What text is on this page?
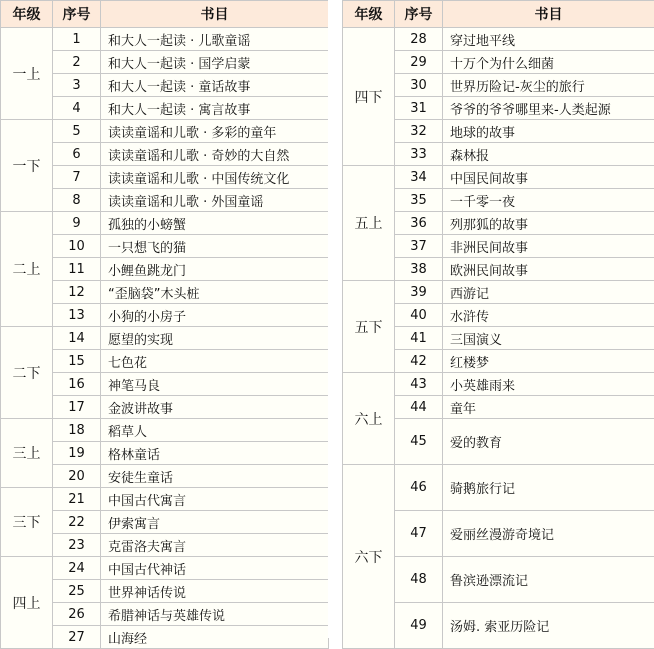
年级	序号	书目
一上	1	和大人一起读 · 儿歌童谣
	2	和大人一起读 · 国学启蒙
	3	和大人一起读 · 童话故事
	4	和大人一起读 · 寓言故事
一下	5	读读童谣和儿歌 · 多彩的童年
	6	读读童谣和儿歌 · 奇妙的大自然
	7	读读童谣和儿歌 · 中国传统文化
	8	读读童谣和儿歌 · 外国童谣
二上	9	孤独的小螃蟹
	10	一只想飞的猫
	11	小鲤鱼跳龙门
	12	“歪脑袋”木头桩
	13	小狗的小房子
二下	14	愿望的实现
	15	七色花
	16	神笔马良
	17	金波讲故事
三上	18	稻草人
	19	格林童话
	20	安徒生童话
三下	21	中国古代寓言
	22	伊索寓言
	23	克雷洛夫寓言
四上	24	中国古代神话
	25	世界神话传说
	26	希腊神话与英雄传说
	27	山海经
年级	序号	书目
四下	28	穿过地平线
	29	十万个为什么细菌
	30	世界历险记-灰尘的旅行
	31	爷爷的爷爷哪里来-人类起源
	32	地球的故事
	33	森林报
五上	34	中国民间故事
	35	一千零一夜
	36	列那狐的故事
	37	非洲民间故事
	38	欧洲民间故事
五下	39	西游记
	40	水浒传
	41	三国演义
	42	红楼梦
六上	43	小英雄雨来
	44	童年
	45	爱的教育
六下	46	骑鹅旅行记
	47	爱丽丝漫游奇境记
	48	鲁滨逊漂流记
	49	汤姆. 索亚历险记
